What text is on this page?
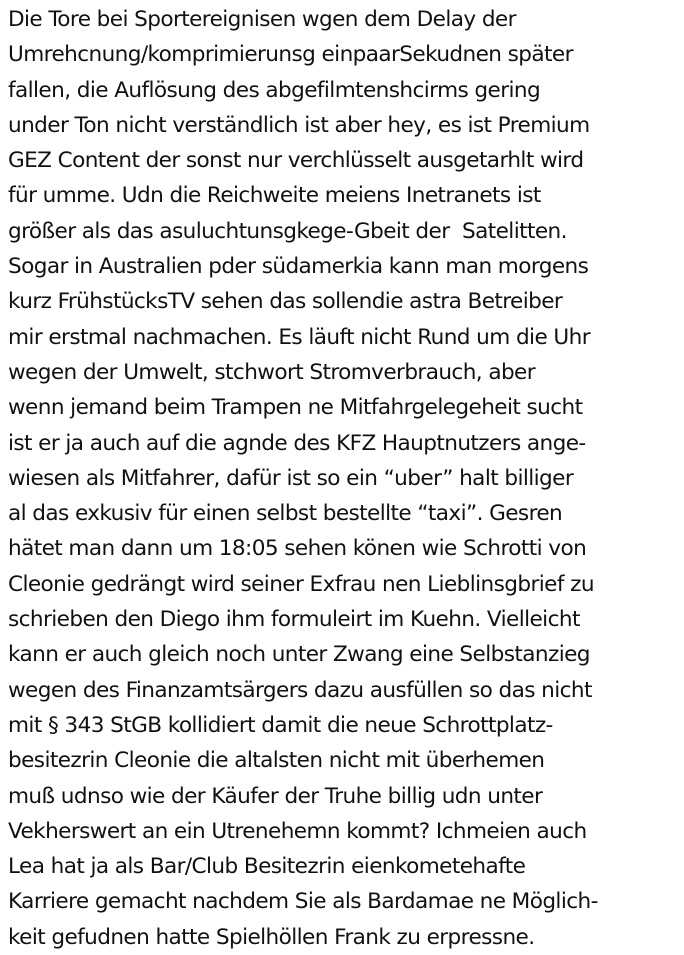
Die Tore bei Sportereignisen wgen dem Delay der
Umrehcnung/komprimierunsg einpaarSekudnen später
fallen, die Auflösung des abgefilmtenshcirms gering
under Ton nicht verständlich ist aber hey, es ist Premium
GEZ Content der sonst nur verchlüsselt ausgetarhlt wird
für umme. Udn die Reichweite meiens Inetranets ist
größer als das asuluchtunsgkege-Gbeit der  Satelitten.
Sogar in Australien pder südamerkia kann man morgens
kurz FrühstücksTV sehen das sollendie astra Betreiber
mir erstmal nachmachen. Es läuft nicht Rund um die Uhr
wegen der Umwelt, stchwort Stromverbrauch, aber
wenn jemand beim Trampen ne Mitfahrgelegeheit sucht
ist er ja auch auf die agnde des KFZ Hauptnutzers ange-
wiesen als Mitfahrer, dafür ist so ein “uber” halt billiger
al das exkusiv für einen selbst bestellte “taxi”. Gesren
hätet man dann um 18:05 sehen könen wie Schrotti von
Cleonie gedrängt wird seiner Exfrau nen Lieblinsgbrief zu
schrieben den Diego ihm formuleirt im Kuehn. Vielleicht
kann er auch gleich noch unter Zwang eine Selbstanzieg
wegen des Finanzamtsärgers dazu ausfüllen so das nicht
mit § 343 StGB kollidiert damit die neue Schrottplatz-
besitezrin Cleonie die altalsten nicht mit überhemen
muß udnso wie der Käufer der Truhe billig udn unter
Vekherswert an ein Utrenehemn kommt? Ichmeien auch
Lea hat ja als Bar/Club Besitezrin eienkometehafte
Karriere gemacht nachdem Sie als Bardamae ne Möglich-
keit gefudnen hatte Spielhöllen Frank zu erpressne.
